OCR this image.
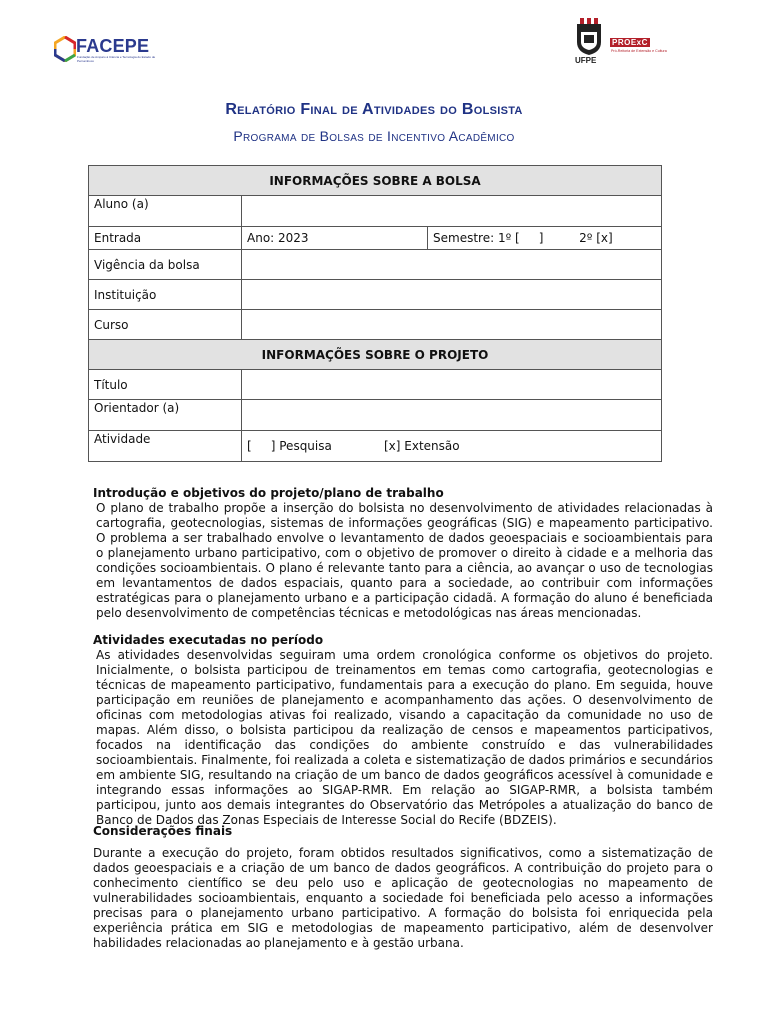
FACEPE
Fundação de Amparo à Ciência e Tecnologia do Estado de Pernambuco	UFPE
PROExC
Pró-Reitoria de Extensão e Cultura
Relatório Final de Atividades do Bolsista
Programa de Bolsas de Incentivo Acadêmico
INFORMAÇÕES SOBRE A BOLSA		
Aluno (a)		
Entrada	Ano: 2023	Semestre: 1º [     ] 2º [x]
Vigência da bolsa		
Instituição		
Curso		
INFORMAÇÕES SOBRE O PROJETO		
Título		
Orientador (a)		
Atividade	[     ] Pesquisa [x] Extensão	
Introdução e objetivos do projeto/plano de trabalho

O plano de trabalho propõe a inserção do bolsista no desenvolvimento de atividades relacionadas à cartografia, geotecnologias, sistemas de informações geográficas (SIG) e mapeamento participativo. O problema a ser trabalhado envolve o levantamento de dados geoespaciais e socioambientais para o planejamento urbano participativo, com o objetivo de promover o direito à cidade e a melhoria das condições socioambientais. O plano é relevante tanto para a ciência, ao avançar o uso de tecnologias em levantamentos de dados espaciais, quanto para a sociedade, ao contribuir com informações estratégicas para o planejamento urbano e a participação cidadã. A formação do aluno é beneficiada pelo desenvolvimento de competências técnicas e metodológicas nas áreas mencionadas.

Atividades executadas no período

As atividades desenvolvidas seguiram uma ordem cronológica conforme os objetivos do projeto. Inicialmente, o bolsista participou de treinamentos em temas como cartografia, geotecnologias e técnicas de mapeamento participativo, fundamentais para a execução do plano. Em seguida, houve participação em reuniões de planejamento e acompanhamento das ações. O desenvolvimento de oficinas com metodologias ativas foi realizado, visando a capacitação da comunidade no uso de mapas. Além disso, o bolsista participou da realização de censos e mapeamentos participativos, focados na identificação das condições do ambiente construído e das vulnerabilidades socioambientais. Finalmente, foi realizada a coleta e sistematização de dados primários e secundários em ambiente SIG, resultando na criação de um banco de dados geográficos acessível à comunidade e integrando essas informações ao SIGAP-RMR. Em relação ao SIGAP-RMR, a bolsista também participou, junto aos demais integrantes do Observatório das Metrópoles a atualização do banco de Banco de Dados das Zonas Especiais de Interesse Social do Recife (BDZEIS).

Considerações finais

Durante a execução do projeto, foram obtidos resultados significativos, como a sistematização de dados geoespaciais e a criação de um banco de dados geográficos. A contribuição do projeto para o conhecimento científico se deu pelo uso e aplicação de geotecnologias no mapeamento de vulnerabilidades socioambientais, enquanto a sociedade foi beneficiada pelo acesso a informações precisas para o planejamento urbano participativo. A formação do bolsista foi enriquecida pela experiência prática em SIG e metodologias de mapeamento participativo, além de desenvolver habilidades relacionadas ao planejamento e à gestão urbana.
